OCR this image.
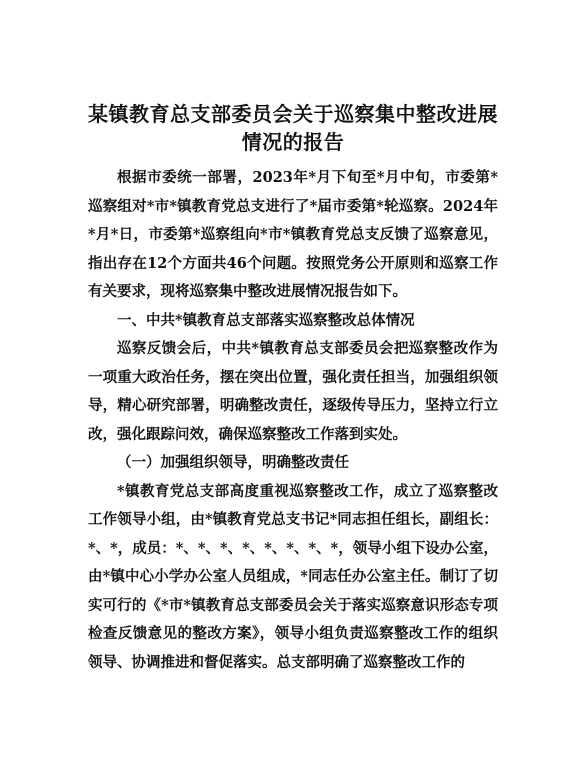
某镇教育总支部委员会关于巡察集中整改进展
情况的报告

根据市委统一部署，2023年*月下旬至*月中旬，市委第*巡察组对*市*镇教育党总支进行了*届市委第*轮巡察。2024年*月*日，市委第*巡察组向*市*镇教育党总支反馈了巡察意见，指出存在12个方面共46个问题。按照党务公开原则和巡察工作有关要求，现将巡察集中整改进展情况报告如下。

一、中共*镇教育总支部落实巡察整改总体情况

巡察反馈会后，中共*镇教育总支部委员会把巡察整改作为一项重大政治任务，摆在突出位置，强化责任担当，加强组织领导，精心研究部署，明确整改责任，逐级传导压力，坚持立行立改，强化跟踪问效，确保巡察整改工作落到实处。

（一）加强组织领导，明确整改责任

*镇教育党总支部高度重视巡察整改工作，成立了巡察整改工作领导小组，由*镇教育党总支书记*同志担任组长，副组长：*、*，成员：*、*、*、*、*、*、*、*，领导小组下设办公室，由*镇中心小学办公室人员组成，*同志任办公室主任。制订了切实可行的《*市*镇教育总支部委员会关于落实巡察意识形态专项检查反馈意见的整改方案》，领导小组负责巡察整改工作的组织领导、协调推进和督促落实。总支部明确了巡察整改工作的
